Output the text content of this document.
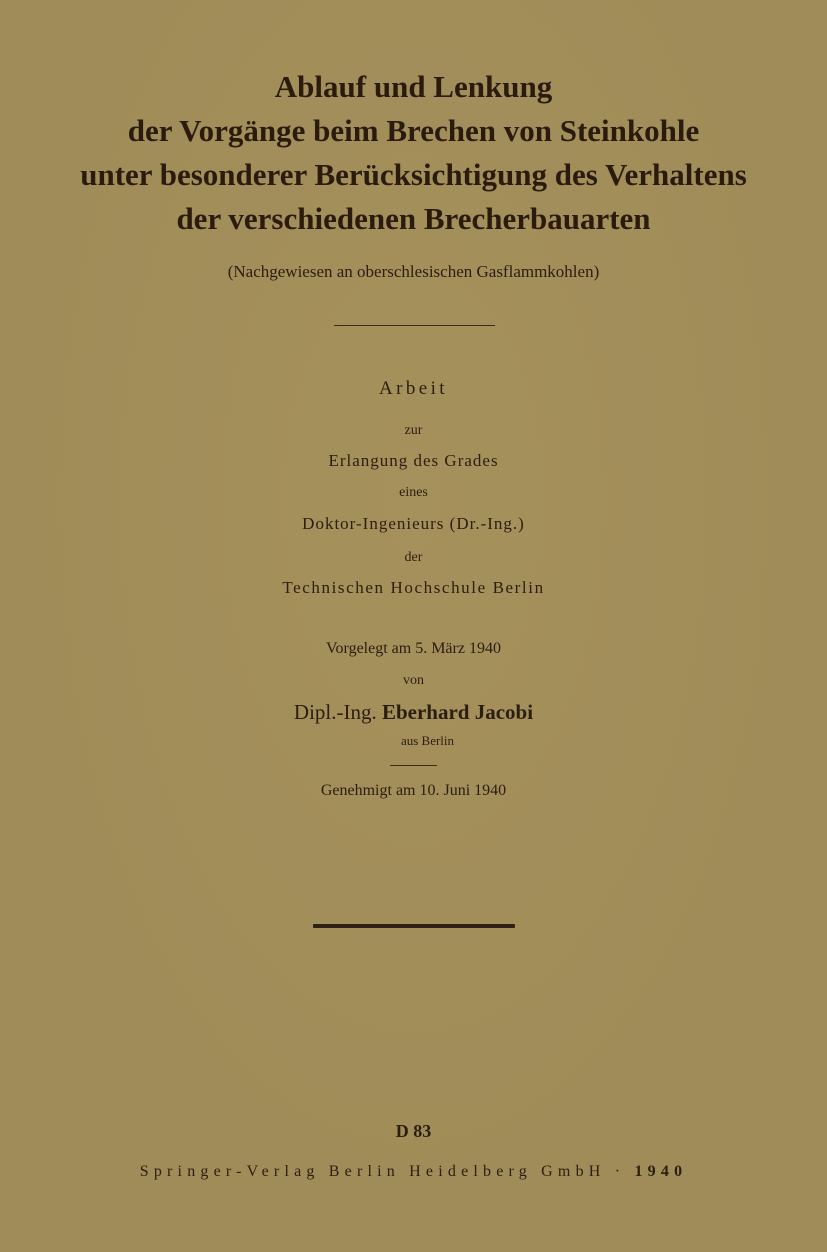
Ablauf und Lenkung
der Vorgänge beim Brechen von Steinkohle
unter besonderer Berücksichtigung des Verhaltens
der verschiedenen Brecherbauarten
(Nachgewiesen an oberschlesischen Gasflammkohlen)
Arbeit
zur
Erlangung des Grades
eines
Doktor-Ingenieurs (Dr.-Ing.)
der
Technischen Hochschule Berlin
Vorgelegt am 5. März 1940
von
Dipl.-Ing. Eberhard Jacobi
aus Berlin
Genehmigt am 10. Juni 1940
D 83
Springer-Verlag Berlin Heidelberg GmbH · 1940
